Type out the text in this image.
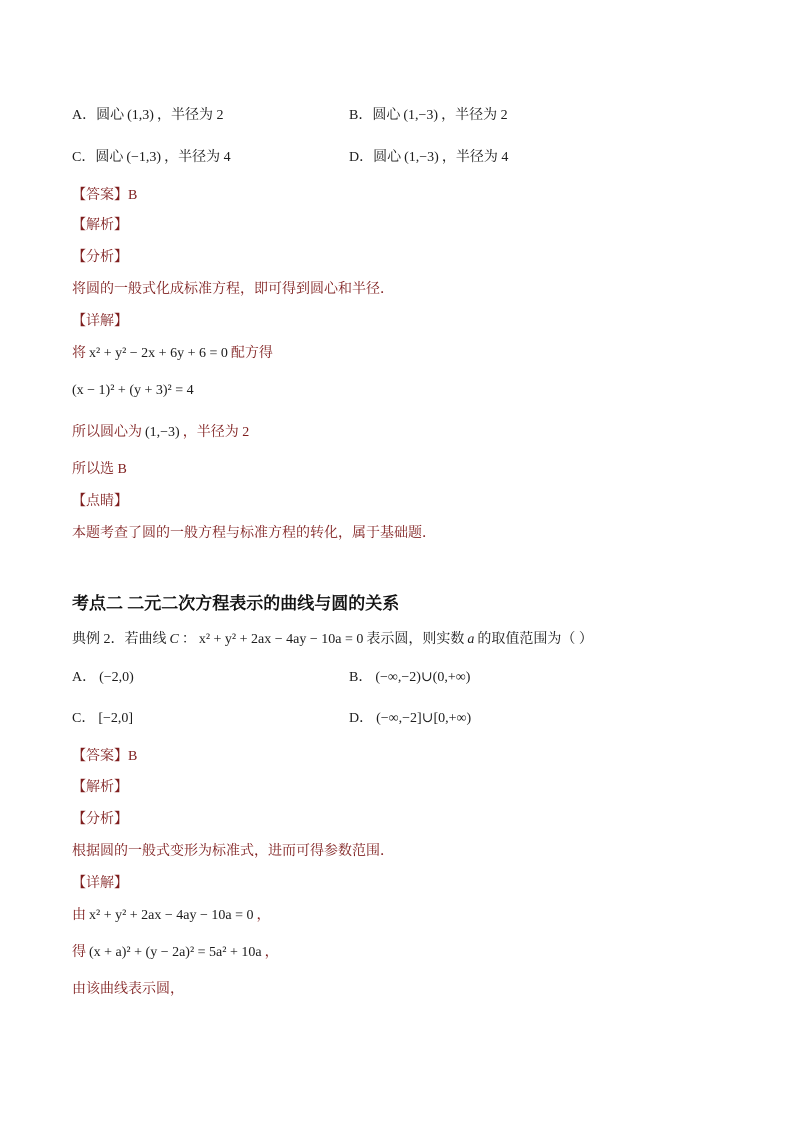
A．圆心 (1,3) ，半径为 2	B．圆心 (1,−3) ，半径为 2
C．圆心 (−1,3) ，半径为 4	D．圆心 (1,−3) ，半径为 4
【答案】B
【解析】
【分析】
将圆的一般式化成标准方程，即可得到圆心和半径．
【详解】
将 x² + y² − 2x + 6y + 6 = 0 配方得
(x − 1)² + (y + 3)² = 4
所以圆心为 (1,−3) ，半径为 2
所以选 B
【点睛】
本题考查了圆的一般方程与标准方程的转化，属于基础题．
考点二 二元二次方程表示的曲线与圆的关系
典例 2．若曲线 C ： x² + y² + 2ax − 4ay − 10a = 0 表示圆，则实数 a 的取值范围为（ ）
A． (−2,0)	B． (−∞,−2)∪(0,+∞)
C． [−2,0]	D． (−∞,−2]∪[0,+∞)
【答案】B
【解析】
【分析】
根据圆的一般式变形为标准式，进而可得参数范围．
【详解】
由 x² + y² + 2ax − 4ay − 10a = 0 ，
得 (x + a)² + (y − 2a)² = 5a² + 10a ，
由该曲线表示圆，
